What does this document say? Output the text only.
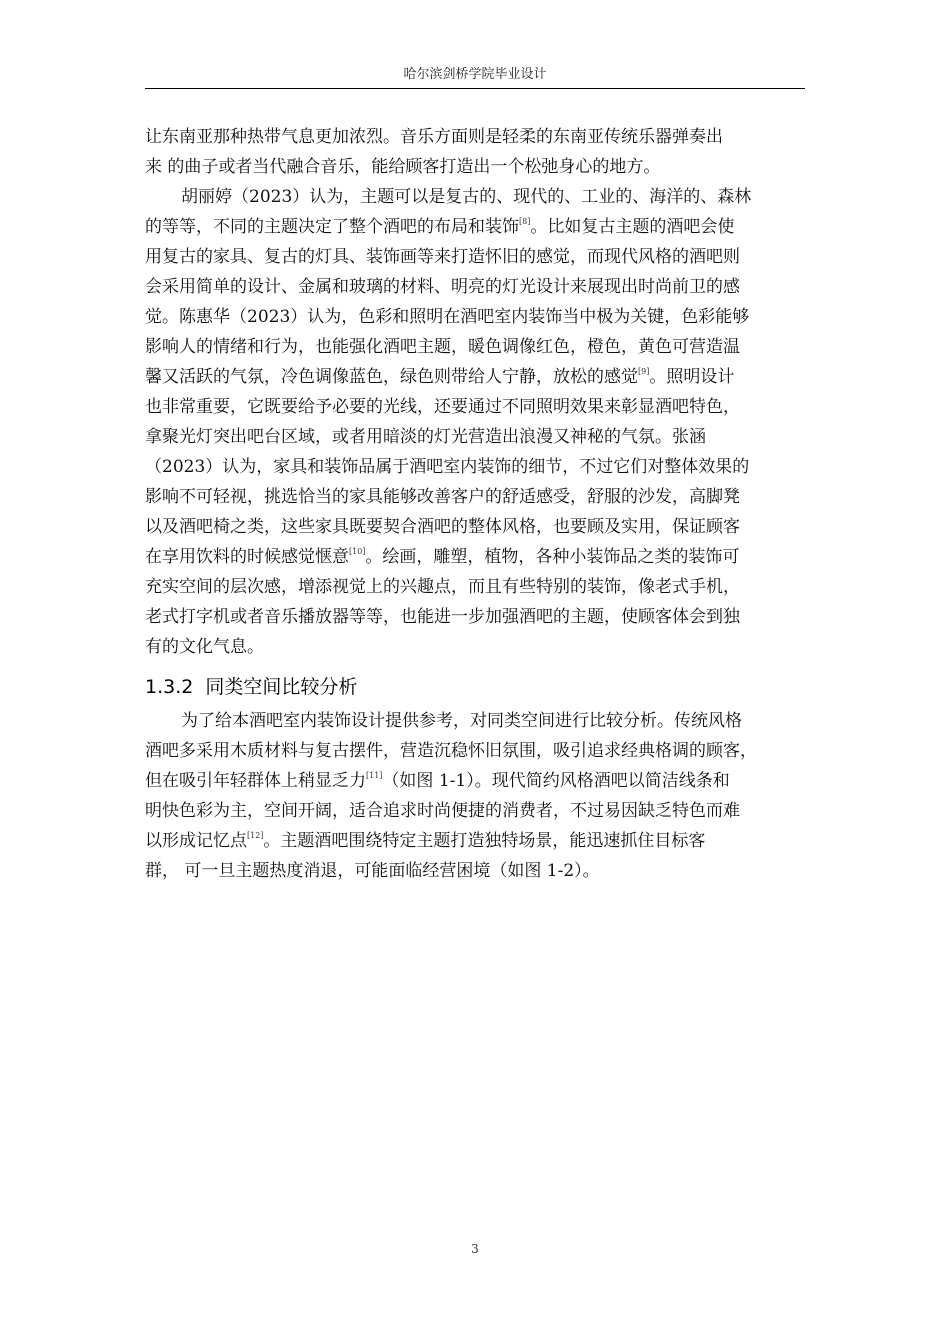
哈尔滨剑桥学院毕业设计
让东南亚那种热带气息更加浓烈。音乐方面则是轻柔的东南亚传统乐器弹奏出
来 的曲子或者当代融合音乐，能给顾客打造出一个松弛身心的地方。
胡丽婷（2023）认为，主题可以是复古的、现代的、工业的、海洋的、森林
的等等，不同的主题决定了整个酒吧的布局和装饰[8]。比如复古主题的酒吧会使
用复古的家具、复古的灯具、装饰画等来打造怀旧的感觉，而现代风格的酒吧则
会采用简单的设计、金属和玻璃的材料、明亮的灯光设计来展现出时尚前卫的感
觉。陈惠华（2023）认为，色彩和照明在酒吧室内装饰当中极为关键，色彩能够
影响人的情绪和行为，也能强化酒吧主题，暖色调像红色，橙色，黄色可营造温
馨又活跃的气氛，冷色调像蓝色，绿色则带给人宁静，放松的感觉[9]。照明设计
也非常重要，它既要给予必要的光线，还要通过不同照明效果来彰显酒吧特色，
拿聚光灯突出吧台区域，或者用暗淡的灯光营造出浪漫又神秘的气氛。张涵
（2023）认为，家具和装饰品属于酒吧室内装饰的细节，不过它们对整体效果的
影响不可轻视，挑选恰当的家具能够改善客户的舒适感受，舒服的沙发，高脚凳
以及酒吧椅之类，这些家具既要契合酒吧的整体风格，也要顾及实用，保证顾客
在享用饮料的时候感觉惬意[10]。绘画，雕塑，植物，各种小装饰品之类的装饰可
充实空间的层次感，增添视觉上的兴趣点，而且有些特别的装饰，像老式手机，
老式打字机或者音乐播放器等等，也能进一步加强酒吧的主题，使顾客体会到独
有的文化气息。
1.3.2 同类空间比较分析
为了给本酒吧室内装饰设计提供参考，对同类空间进行比较分析。传统风格
酒吧多采用木质材料与复古摆件，营造沉稳怀旧氛围，吸引追求经典格调的顾客，
但在吸引年轻群体上稍显乏力[11]（如图 1-1）。现代简约风格酒吧以简洁线条和
明快色彩为主，空间开阔，适合追求时尚便捷的消费者，不过易因缺乏特色而难
以形成记忆点[12]。主题酒吧围绕特定主题打造独特场景，能迅速抓住目标客
群， 可一旦主题热度消退，可能面临经营困境（如图 1-2）。
3
